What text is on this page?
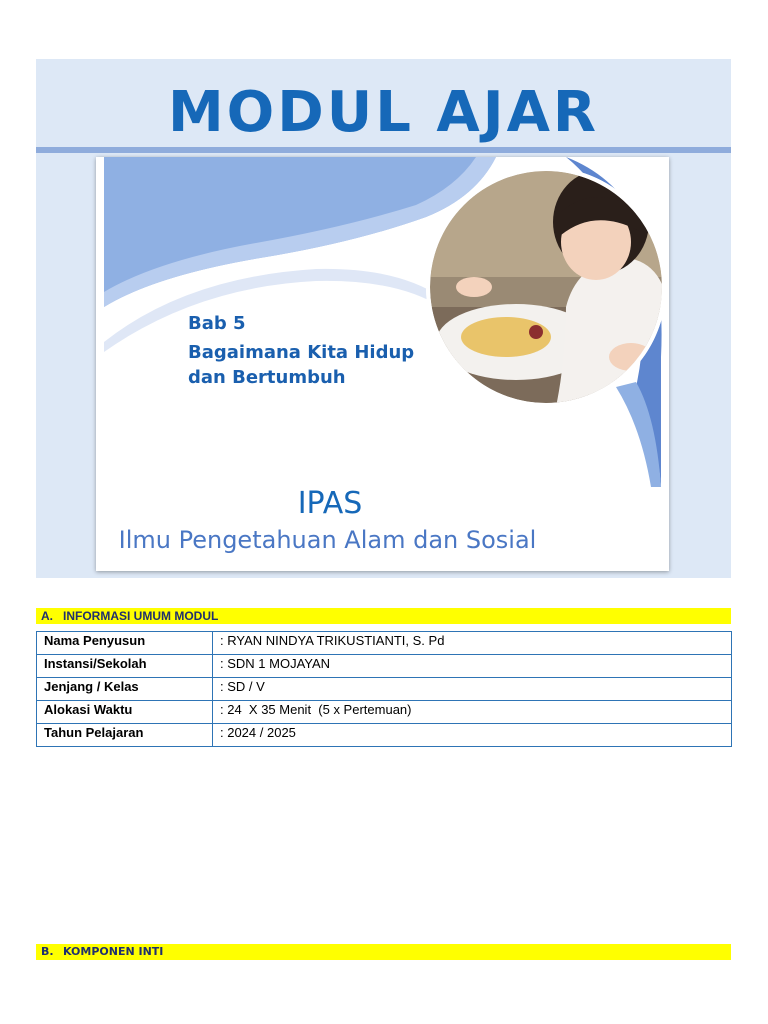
MODUL AJAR
Bab 5
Bagaimana Kita Hidup dan Bertumbuh
IPAS
Ilmu Pengetahuan Alam dan Sosial
A. INFORMASI UMUM MODUL
Nama Penyusun	: RYAN NINDYA TRIKUSTIANTI, S. Pd
Instansi/Sekolah	: SDN 1 MOJAYAN
Jenjang / Kelas	: SD / V
Alokasi Waktu	: 24  X 35 Menit  (5 x Pertemuan)
Tahun Pelajaran	: 2024 / 2025
B. KOMPONEN INTI
